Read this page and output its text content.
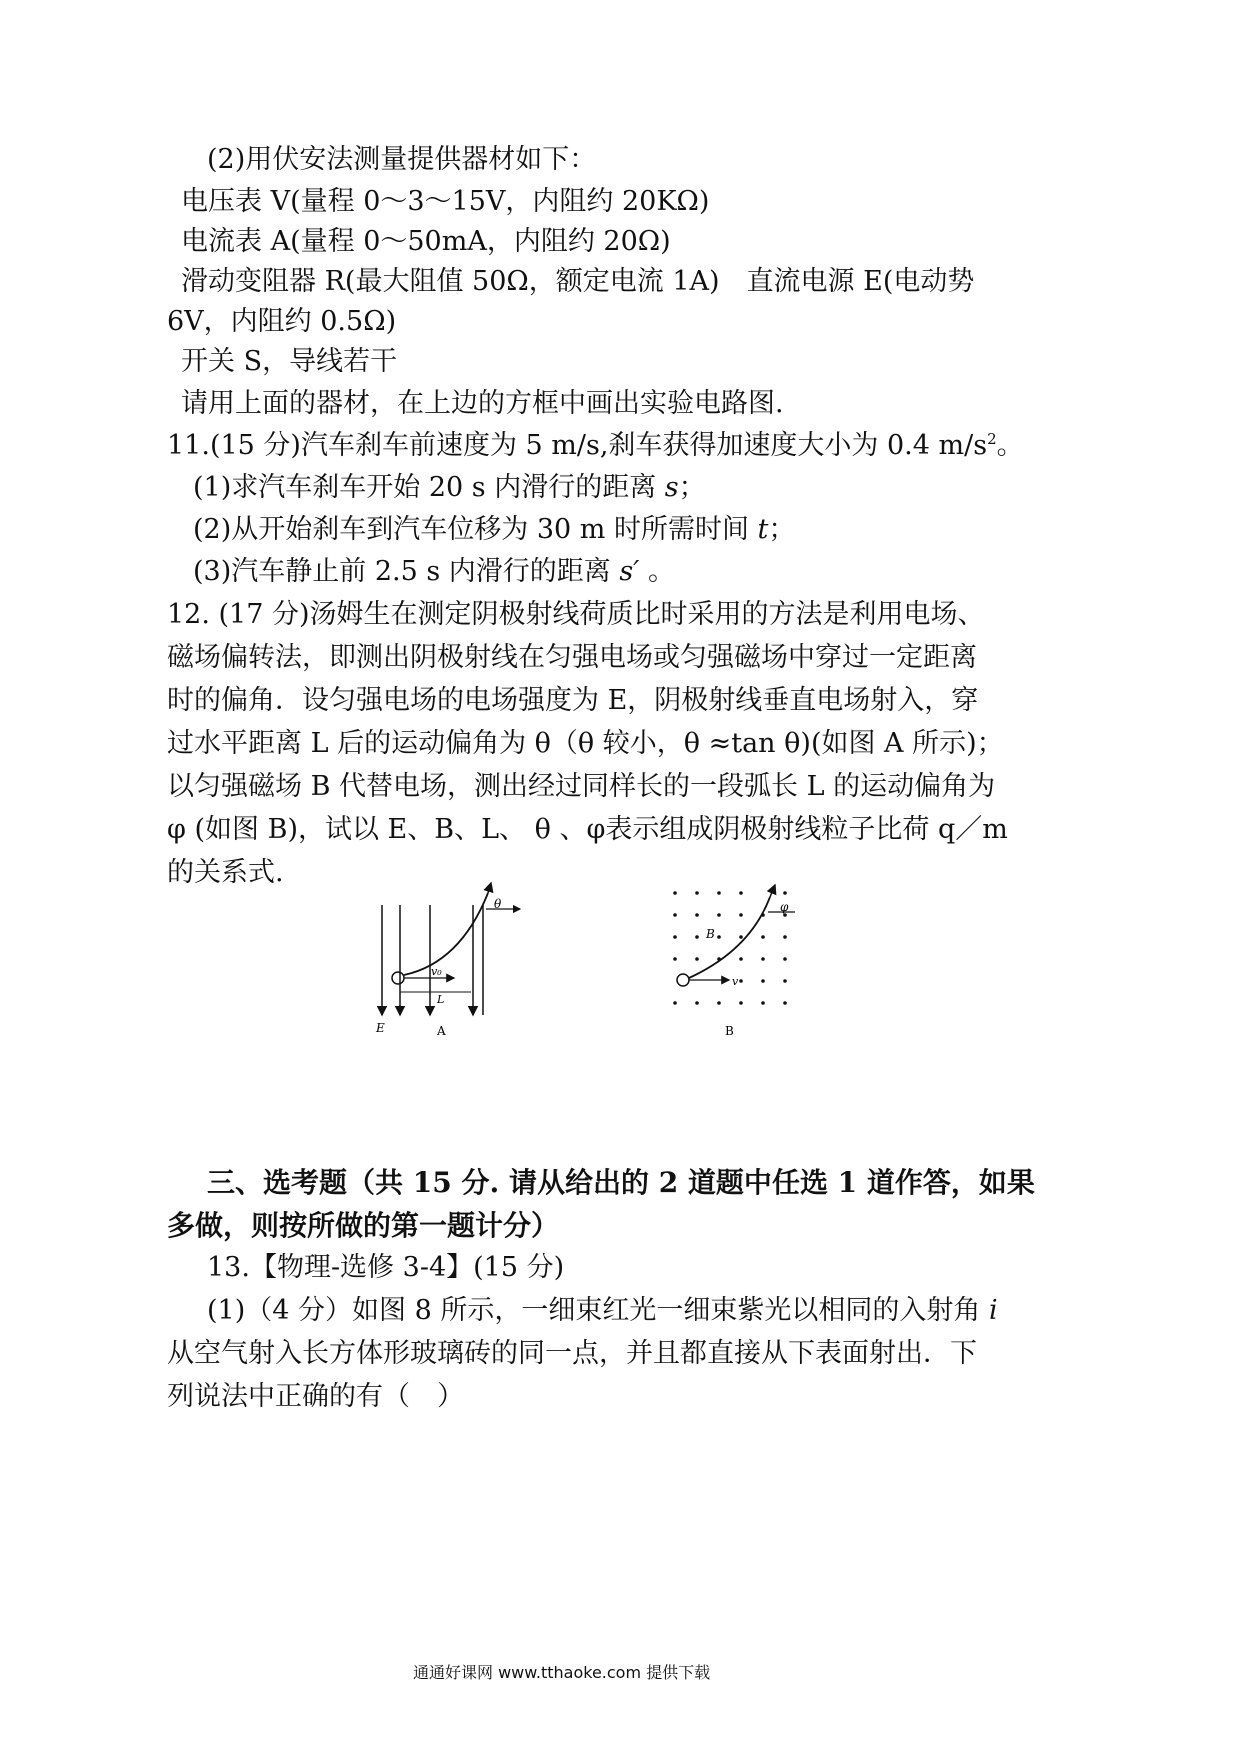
(2)用伏安法测量提供器材如下：
电压表 V(量程 0～3～15V，内阻约 20KΩ)
电流表 A(量程 0～50mA，内阻约 20Ω)
滑动变阻器 R(最大阻值 50Ω，额定电流 1A)　直流电源 E(电动势
6V，内阻约 0.5Ω)
开关 S，导线若干
请用上面的器材，在上边的方框中画出实验电路图.
11.(15 分)汽车刹车前速度为 5 m/s,刹车获得加速度大小为 0.4 $m/s^2$。
(1)求汽车刹车开始 20 s 内滑行的距离 s；
(2)从开始刹车到汽车位移为 30 m 时所需时间 t；
(3)汽车静止前 2.5 s 内滑行的距离 s′ 。
12. (17 分)汤姆生在测定阴极射线荷质比时采用的方法是利用电场、
磁场偏转法，即测出阴极射线在匀强电场或匀强磁场中穿过一定距离
时的偏角．设匀强电场的电场强度为 E，阴极射线垂直电场射入，穿
过水平距离 L 后的运动偏角为 θ（θ 较小，θ ≈tan θ)(如图 A 所示)；
以匀强磁场 B 代替电场，测出经过同样长的一段弧长 L 的运动偏角为
φ (如图 B)，试以 E、B、L、 θ 、φ表示组成阴极射线粒子比荷 q／m
的关系式.
θ
v₀
L
E	A
φ
B
v
B
三、选考题（共 15 分. 请从给出的 2 道题中任选 1 道作答，如果
多做，则按所做的第一题计分）
13.【物理-选修 3-4】(15 分)
(1)（4 分）如图 8 所示，一细束红光一细束紫光以相同的入射角 i
从空气射入长方体形玻璃砖的同一点，并且都直接从下表面射出．下
列说法中正确的有（　）
通通好课网 www.tthaoke.com 提供下载
